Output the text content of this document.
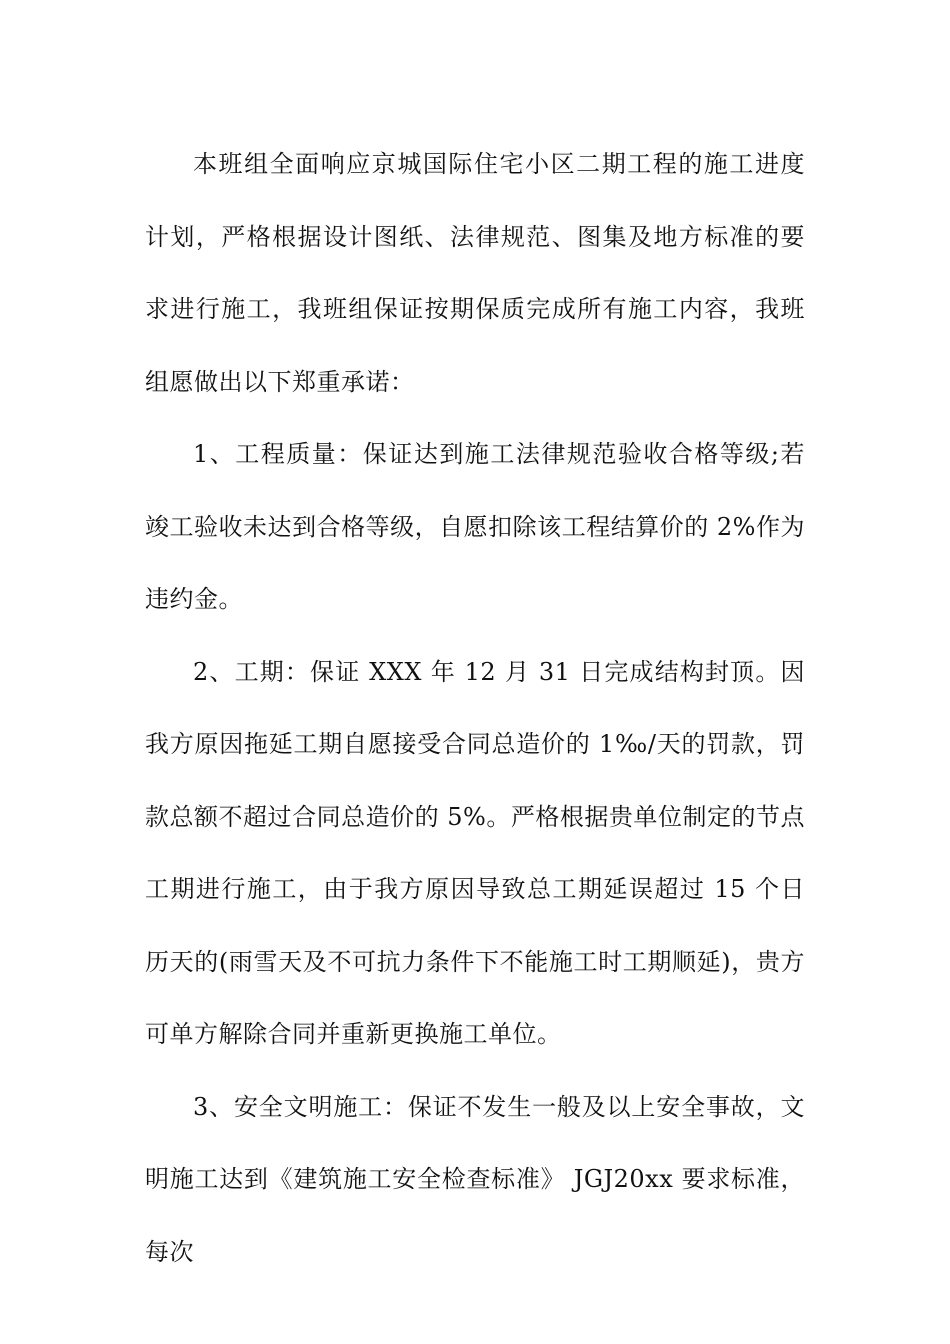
本班组全面响应京城国际住宅小区二期工程的施工进度计划，严格根据设计图纸、法律规范、图集及地方标准的要求进行施工，我班组保证按期保质完成所有施工内容，我班组愿做出以下郑重承诺：

1、工程质量：保证达到施工法律规范验收合格等级;若竣工验收未达到合格等级，自愿扣除该工程结算价的 2%作为违约金。

2、工期：保证 XXX 年 12 月 31 日完成结构封顶。因我方原因拖延工期自愿接受合同总造价的 1‰/天的罚款，罚款总额不超过合同总造价的 5%。严格根据贵单位制定的节点工期进行施工，由于我方原因导致总工期延误超过 15 个日历天的(雨雪天及不可抗力条件下不能施工时工期顺延)，贵方可单方解除合同并重新更换施工单位。

3、安全文明施工：保证不发生一般及以上安全事故，文明施工达到《建筑施工安全检查标准》 JGJ20xx 要求标准，每次
